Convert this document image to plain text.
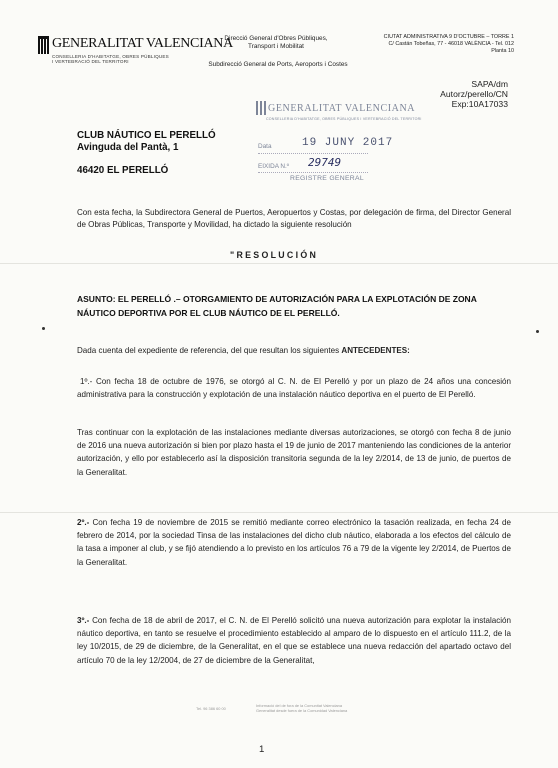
GENERALITAT VALENCIANA
CONSELLERIA D'HABITATGE, OBRES PÚBLIQUES
I VERTEBRACIÓ DEL TERRITORI
Direcció General d'Obres Públiques,
Transport i Mobilitat
Subdirecció General de Ports, Aeroports i Costes
CIUTAT ADMINISTRATIVA 9 D'OCTUBRE – TORRE 1
C/ Castán Tobeñas, 77 - 46018 VALÈNCIA - Tel. 012
Planta 10
SAPA/dm
Autorz/perello/CN
Exp:10A17033
CLUB NÁUTICO EL PERELLÓ
Avinguda del Pantà, 1
46420 EL PERELLÓ
GENERALITAT VALENCIANA
CONSELLERIA D'HABITATGE, OBRES PÚBLIQUES I VERTEBRACIÓ DEL TERRITORI
Data	19 JUNY 2017
EIXIDA N.º 29749
REGISTRE GENERAL
Con esta fecha, la Subdirectora General de Puertos, Aeropuertos y Costas, por delegación de firma, del Director General de Obras Públicas, Transporte y Movilidad, ha dictado la siguiente resolución
"RESOLUCIÓN
ASUNTO: EL PERELLÓ .– OTORGAMIENTO DE AUTORIZACIÓN PARA LA EXPLOTACIÓN DE ZONA NÁUTICO DEPORTIVA POR EL CLUB NÁUTICO DE EL PERELLÓ.
Dada cuenta del expediente de referencia, del que resultan los siguientes ANTECEDENTES:
1º.- Con fecha 18 de octubre de 1976, se otorgó al C. N. de El Perelló y por un plazo de 24 años una concesión administrativa para la construcción y explotación de una instalación náutico deportiva en el puerto de El Perelló.
Tras continuar con la explotación de las instalaciones mediante diversas autorizaciones, se otorgó con fecha 8 de junio de 2016 una nueva autorización si bien por plazo hasta el 19 de junio de 2017 manteniendo las condiciones de la anterior autorización, y ello por establecerlo así la disposición transitoria segunda de la ley 2/2014, de 13 de junio, de puertos de la Generalitat.
2º.- Con fecha 19 de noviembre de 2015 se remitió mediante correo electrónico la tasación realizada, en fecha 24 de febrero de 2014, por la sociedad Tinsa de las instalaciones del dicho club náutico, elaborada a los efectos del cálculo de la tasa a imponer al club, y se fijó atendiendo a lo previsto en los artículos 76 a 79 de la vigente ley 2/2014, de Puertos de la Generalitat.
3º.- Con fecha de 18 de abril de 2017, el C. N. de El Perelló solicitó una nueva autorización para explotar la instalación náutico deportiva, en tanto se resuelve el procedimiento establecido al amparo de lo dispuesto en el artículo 111.2, de la ley 10/2015, de 29 de diciembre, de la Generalitat, en el que se establece una nueva redacción del apartado octavo del artículo 70 de la ley 12/2004, de 27 de diciembre de la Generalitat,
Tel. 96 386 60 00
Informació del de fora de la Comunitat Valenciana
Generalitat desde fuera de la Comunidad Valenciana
1
